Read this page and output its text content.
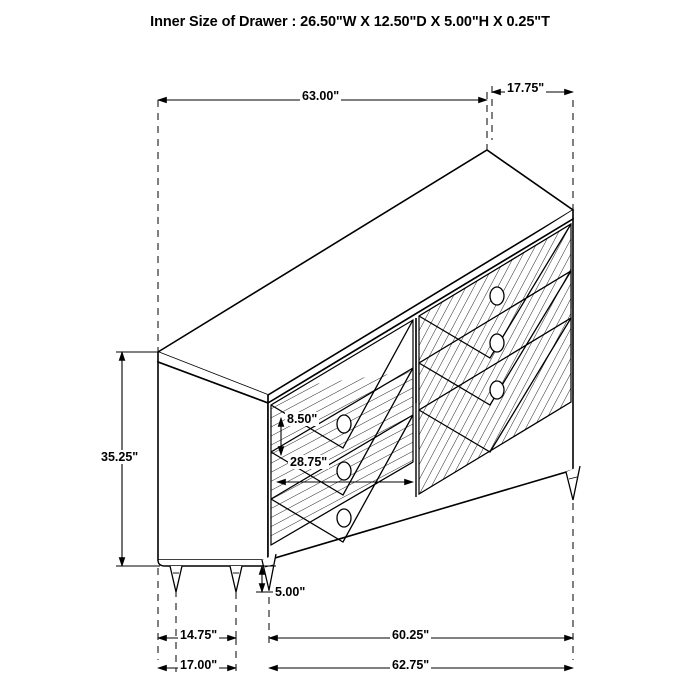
Inner Size of Drawer : 26.50"W X 12.50"D X 5.00"H X 0.25"T
63.00"
17.75"
35.25"
8.50"
28.75"
5.00"
14.75"	60.25"
17.00"	62.75"
